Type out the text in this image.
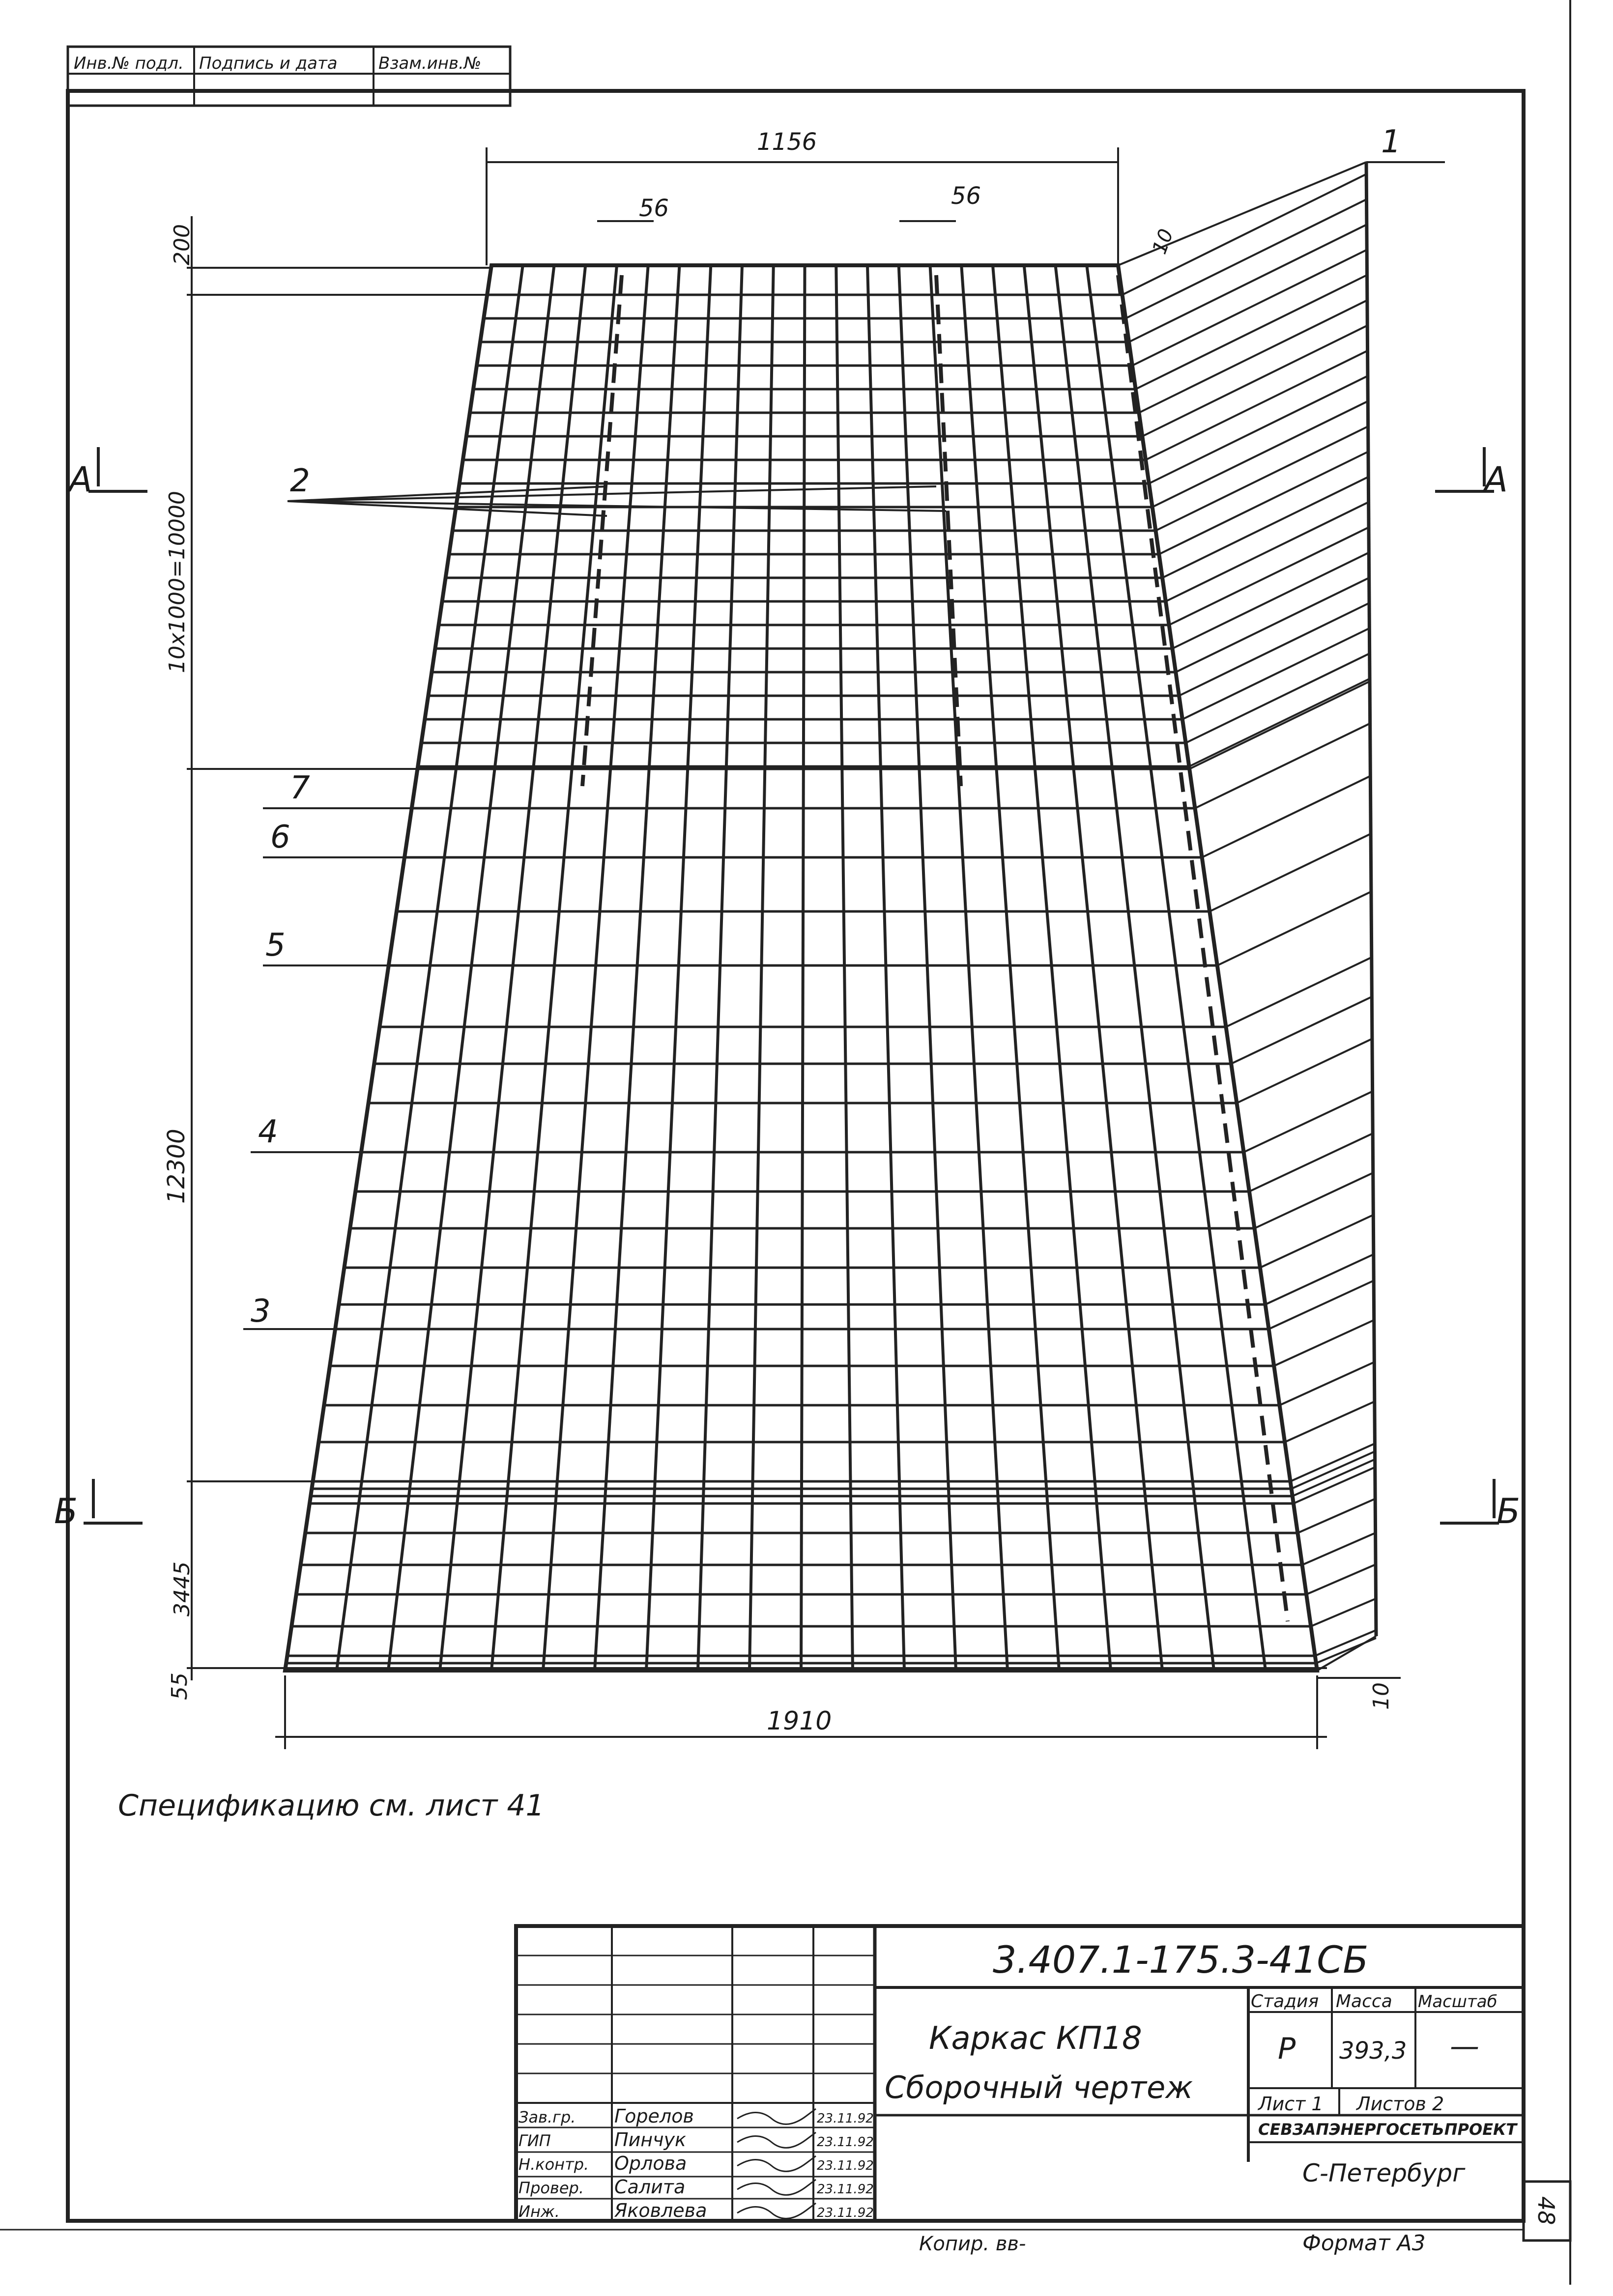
Инв.№ подл. Подпись и дата Взам.инв.№
А	А
Б	Б
1156
56	56
10
200
10x1000=10000
12300
3445
55
1910
10
1
2
7
6
5
4
3
Спецификацию см. лист 41
3.407.1-175.3-41СБ
Каркас КП18
Сборочный чертеж
Стадия Масса Масштаб
Р 393,3 —
Лист 1 Листов 2
СЕВЗАПЭНЕРГОСЕТЬПРОЕКТ
С-Петербург
Зав.гр. Горелов	23.11.92
ГИП	Пинчук	23.11.92
Н.контр. Орлова	23.11.92
Провер. Салита	23.11.92
Инж.	Яковлева	23.11.92
Копир. вв-	Формат А3
48
